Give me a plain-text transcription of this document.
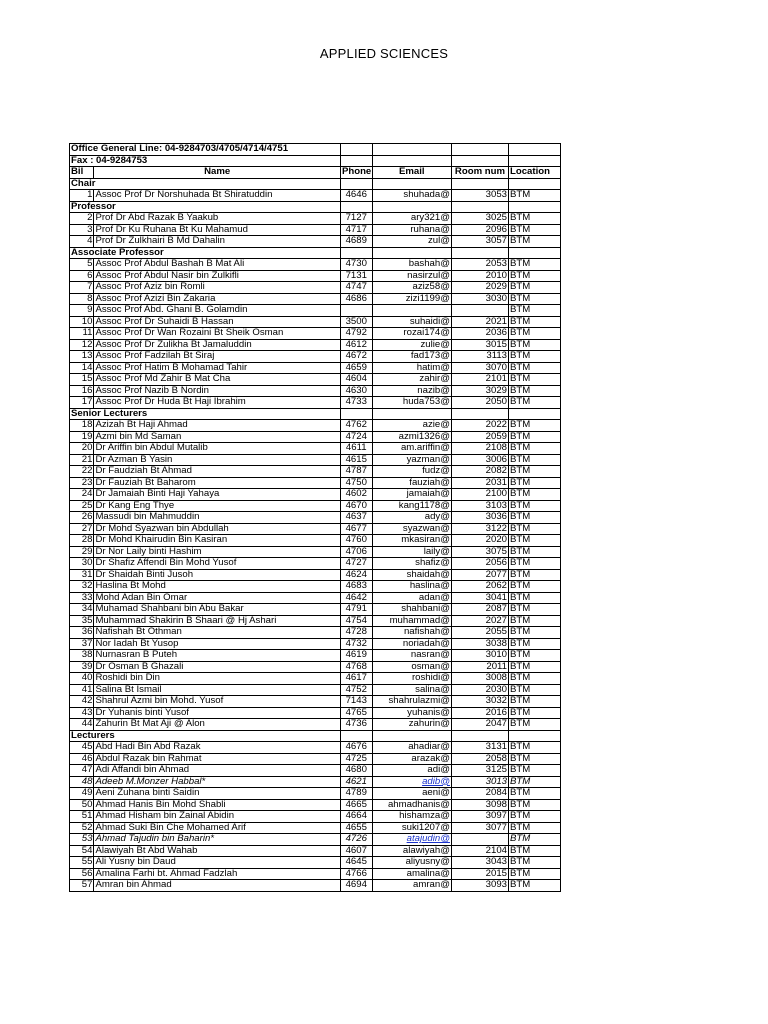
APPLIED SCIENCES
Office General Line: 04-9284703/4705/4714/4751					
Fax : 04-9284753					
Bil	Name	Phone	Email	Room num	Location
Chair					
1	Assoc Prof Dr Norshuhada Bt Shiratuddin	4646	shuhada@	3053	BTM
Professor					
2	Prof Dr Abd Razak B Yaakub	7127	ary321@	3025	BTM
3	Prof Dr Ku Ruhana Bt Ku Mahamud	4717	ruhana@	2096	BTM
4	Prof Dr Zulkhairi B Md Dahalin	4689	zul@	3057	BTM
Associate Professor					
5	Assoc Prof Abdul Bashah B Mat Ali	4730	bashah@	2053	BTM
6	Assoc Prof Abdul Nasir bin Zulkifli	7131	nasirzul@	2010	BTM
7	Assoc Prof Aziz bin Romli	4747	aziz58@	2029	BTM
8	Assoc Prof Azizi Bin Zakaria	4686	zizi1199@	3030	BTM
9	Assoc Prof Abd. Ghani B. Golamdin				BTM
10	Assoc Prof Dr Suhaidi B Hassan	3500	suhaidi@	2021	BTM
11	Assoc Prof Dr Wan Rozaini Bt Sheik Osman	4792	rozai174@	2036	BTM
12	Assoc Prof Dr Zulikha Bt Jamaluddin	4612	zulie@	3015	BTM
13	Assoc Prof Fadzilah Bt Siraj	4672	fad173@	3113	BTM
14	Assoc Prof Hatim B Mohamad Tahir	4659	hatim@	3070	BTM
15	Assoc Prof Md Zahir B Mat Cha	4604	zahir@	2101	BTM
16	Assoc Prof Nazib B Nordin	4630	nazib@	3029	BTM
17	Assoc Prof Dr Huda Bt Haji Ibrahim	4733	huda753@	2050	BTM
Senior Lecturers					
18	Azizah Bt Haji Ahmad	4762	azie@	2022	BTM
19	Azmi bin Md Saman	4724	azmi1326@	2059	BTM
20	Dr Ariffin bin Abdul Mutalib	4611	am.ariffin@	2108	BTM
21	Dr Azman B Yasin	4615	yazman@	3006	BTM
22	Dr Faudziah Bt Ahmad	4787	fudz@	2082	BTM
23	Dr Fauziah Bt Baharom	4750	fauziah@	2031	BTM
24	Dr Jamaiah Binti Haji Yahaya	4602	jamaiah@	2100	BTM
25	Dr Kang Eng Thye	4670	kang1178@	3103	BTM
26	Massudi bin Mahmuddin	4637	ady@	3036	BTM
27	Dr Mohd Syazwan bin Abdullah	4677	syazwan@	3122	BTM
28	Dr Mohd Khairudin Bin Kasiran	4760	mkasiran@	2020	BTM
29	Dr Nor Laily binti Hashim	4706	laily@	3075	BTM
30	Dr Shafiz Affendi Bin Mohd Yusof	4727	shafiz@	2056	BTM
31	Dr Shaidah Binti Jusoh	4624	shaidah@	2077	BTM
32	Haslina Bt Mohd	4683	haslina@	2062	BTM
33	Mohd Adan Bin Omar	4642	adan@	3041	BTM
34	Muhamad Shahbani bin Abu Bakar	4791	shahbani@	2087	BTM
35	Muhammad Shakirin B Shaari @ Hj Ashari	4754	muhammad@	2027	BTM
36	Nafishah Bt Othman	4728	nafishah@	2055	BTM
37	Nor Iadah Bt Yusop	4732	noriadah@	3038	BTM
38	Nurnasran B Puteh	4619	nasran@	3010	BTM
39	Dr Osman B Ghazali	4768	osman@	2011	BTM
40	Roshidi bin Din	4617	roshidi@	3008	BTM
41	Salina Bt Ismail	4752	salina@	2030	BTM
42	Shahrul Azmi bin Mohd. Yusof	7143	shahrulazmi@	3032	BTM
43	Dr Yuhanis binti Yusof	4765	yuhanis@	2016	BTM
44	Zahurin Bt Mat Aji @ Alon	4736	zahurin@	2047	BTM
Lecturers					
45	Abd Hadi Bin Abd Razak	4676	ahadiar@	3131	BTM
46	Abdul Razak bin Rahmat	4725	arazak@	2058	BTM
47	Adi Affandi bin Ahmad	4680	adi@	3125	BTM
48	Adeeb M.Monzer Habbal*	4621	adib@	3013	BTM
49	Aeni Zuhana binti Saidin	4789	aeni@	2084	BTM
50	Ahmad Hanis Bin Mohd Shabli	4665	ahmadhanis@	3098	BTM
51	Ahmad Hisham bin Zainal Abidin	4664	hishamza@	3097	BTM
52	Ahmad Suki Bin Che Mohamed Arif	4655	suki1207@	3077	BTM
53	Ahmad Tajudin bin Baharin*	4726	atajudin@		BTM
54	Alawiyah Bt Abd Wahab	4607	alawiyah@	2104	BTM
55	Ali Yusny bin Daud	4645	aliyusny@	3043	BTM
56	Amalina Farhi bt. Ahmad Fadzlah	4766	amalina@	2015	BTM
57	Amran bin Ahmad	4694	amran@	3093	BTM
